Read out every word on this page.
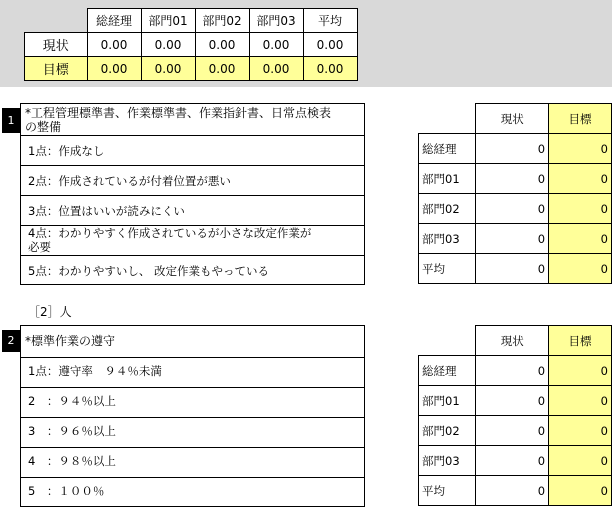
	総経理	部門01	部門02	部門03	平均
現状	0.00	0.00	0.00	0.00	0.00
目標	0.00	0.00	0.00	0.00	0.00
1
*工程管理標準書、作業標準書、作業指針書、日常点検表
の整備
1点：作成なし
2点：作成されているが付着位置が悪い
3点：位置はいいが読みにくい
4点：わかりやすく作成されているが小さな改定作業が
必要
5点：わかりやすいし、 改定作業もやっている
	現状	目標
総経理	0	0
部門01	0	0
部門02	0	0
部門03	0	0
平均	0	0
［2］人
2 *標準作業の遵守
1点：遵守率　９４％未満
2　：９４％以上
3　：９６％以上
4　：９８％以上
5　：１００％
	現状	目標
総経理	0	0
部門01	0	0
部門02	0	0
部門03	0	0
平均	0	0
